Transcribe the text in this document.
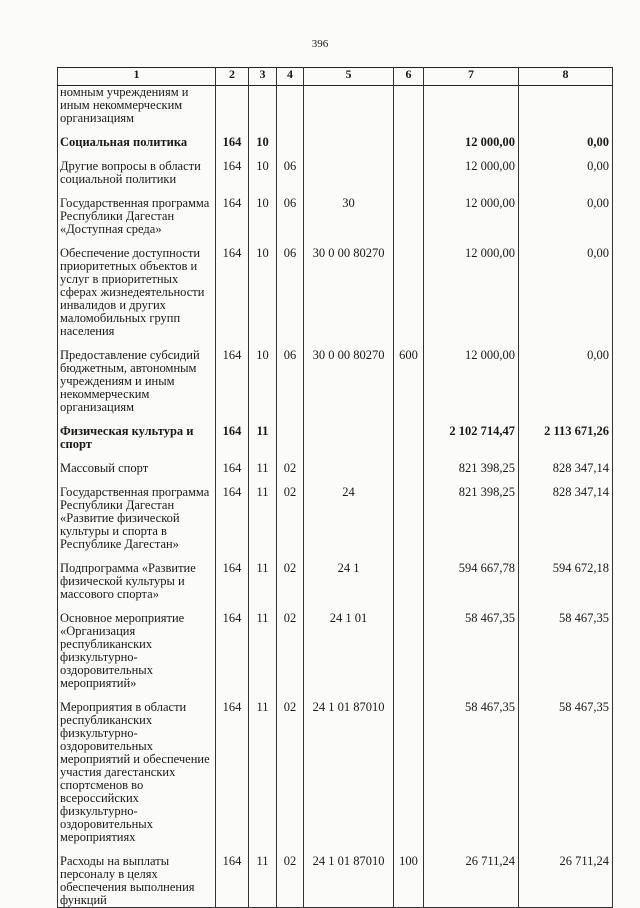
396
1	2	3	4	5	6	7	8
номным учреждениям и иным некоммерческим организациям							

Социальная политика	164	10				12 000,00	0,00

Другие вопросы в области социальной политики	164	10	06			12 000,00	0,00

Государственная программа Республики Дагестан «Доступная среда»	164	10	06	30		12 000,00	0,00

Обеспечение доступности приоритетных объектов и услуг в приоритетных сферах жизнедеятельности инвалидов и других маломобильных групп населения	164	10	06	30 0 00 80270		12 000,00	0,00

Предоставление субсидий бюджетным, автономным учреждениям и иным некоммерческим организациям	164	10	06	30 0 00 80270	600	12 000,00	0,00

Физическая культура и спорт	164	11				2 102 714,47	2 113 671,26

Массовый спорт	164	11	02			821 398,25	828 347,14

Государственная программа Республики Дагестан «Развитие физической культуры и спорта в Республике Дагестан»	164	11	02	24		821 398,25	828 347,14

Подпрограмма «Развитие физической культуры и массового спорта»	164	11	02	24 1		594 667,78	594 672,18

Основное мероприятие «Организация республиканских физкультурно-оздоровительных мероприятий»	164	11	02	24 1 01		58 467,35	58 467,35

Мероприятия в области республиканских физкультурно-оздоровительных мероприятий и обеспечение участия дагестанских спортсменов во всероссийских физкультурно-оздоровительных мероприятиях	164	11	02	24 1 01 87010		58 467,35	58 467,35

Расходы на выплаты персоналу в целях обеспечения выполнения функций	164	11	02	24 1 01 87010	100	26 711,24	26 711,24
